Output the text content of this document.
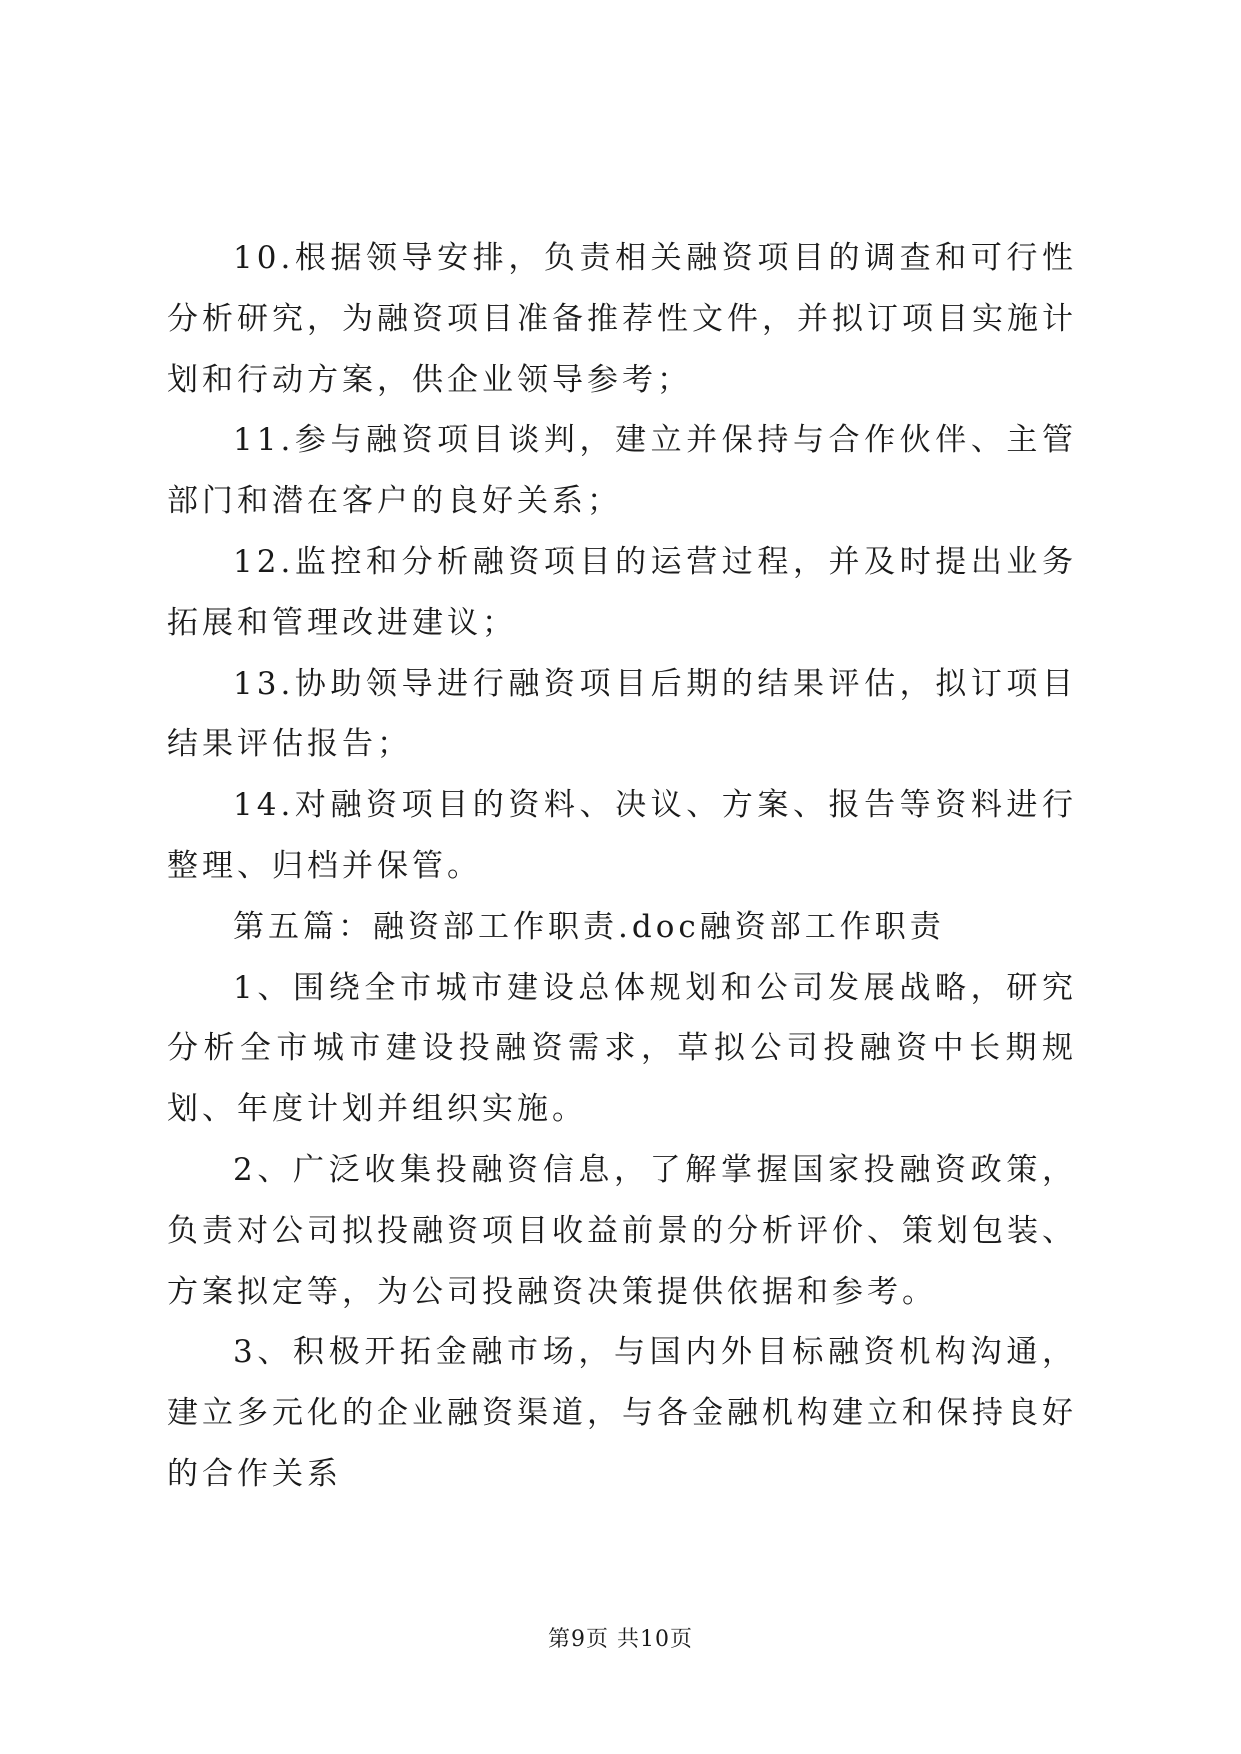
10.根据领导安排，负责相关融资项目的调查和可行性分析研究，为融资项目准备推荐性文件，并拟订项目实施计划和行动方案，供企业领导参考；

11.参与融资项目谈判，建立并保持与合作伙伴、主管部门和潜在客户的良好关系；

12.监控和分析融资项目的运营过程，并及时提出业务拓展和管理改进建议；

13.协助领导进行融资项目后期的结果评估，拟订项目结果评估报告；

14.对融资项目的资料、决议、方案、报告等资料进行整理、归档并保管。

第五篇：融资部工作职责.doc融资部工作职责

1、围绕全市城市建设总体规划和公司发展战略，研究分析全市城市建设投融资需求，草拟公司投融资中长期规划、年度计划并组织实施。

2、广泛收集投融资信息，了解掌握国家投融资政策，负责对公司拟投融资项目收益前景的分析评价、策划包装、方案拟定等，为公司投融资决策提供依据和参考。

3、积极开拓金融市场，与国内外目标融资机构沟通，建立多元化的企业融资渠道，与各金融机构建立和保持良好的合作关系

第9页 共10页
